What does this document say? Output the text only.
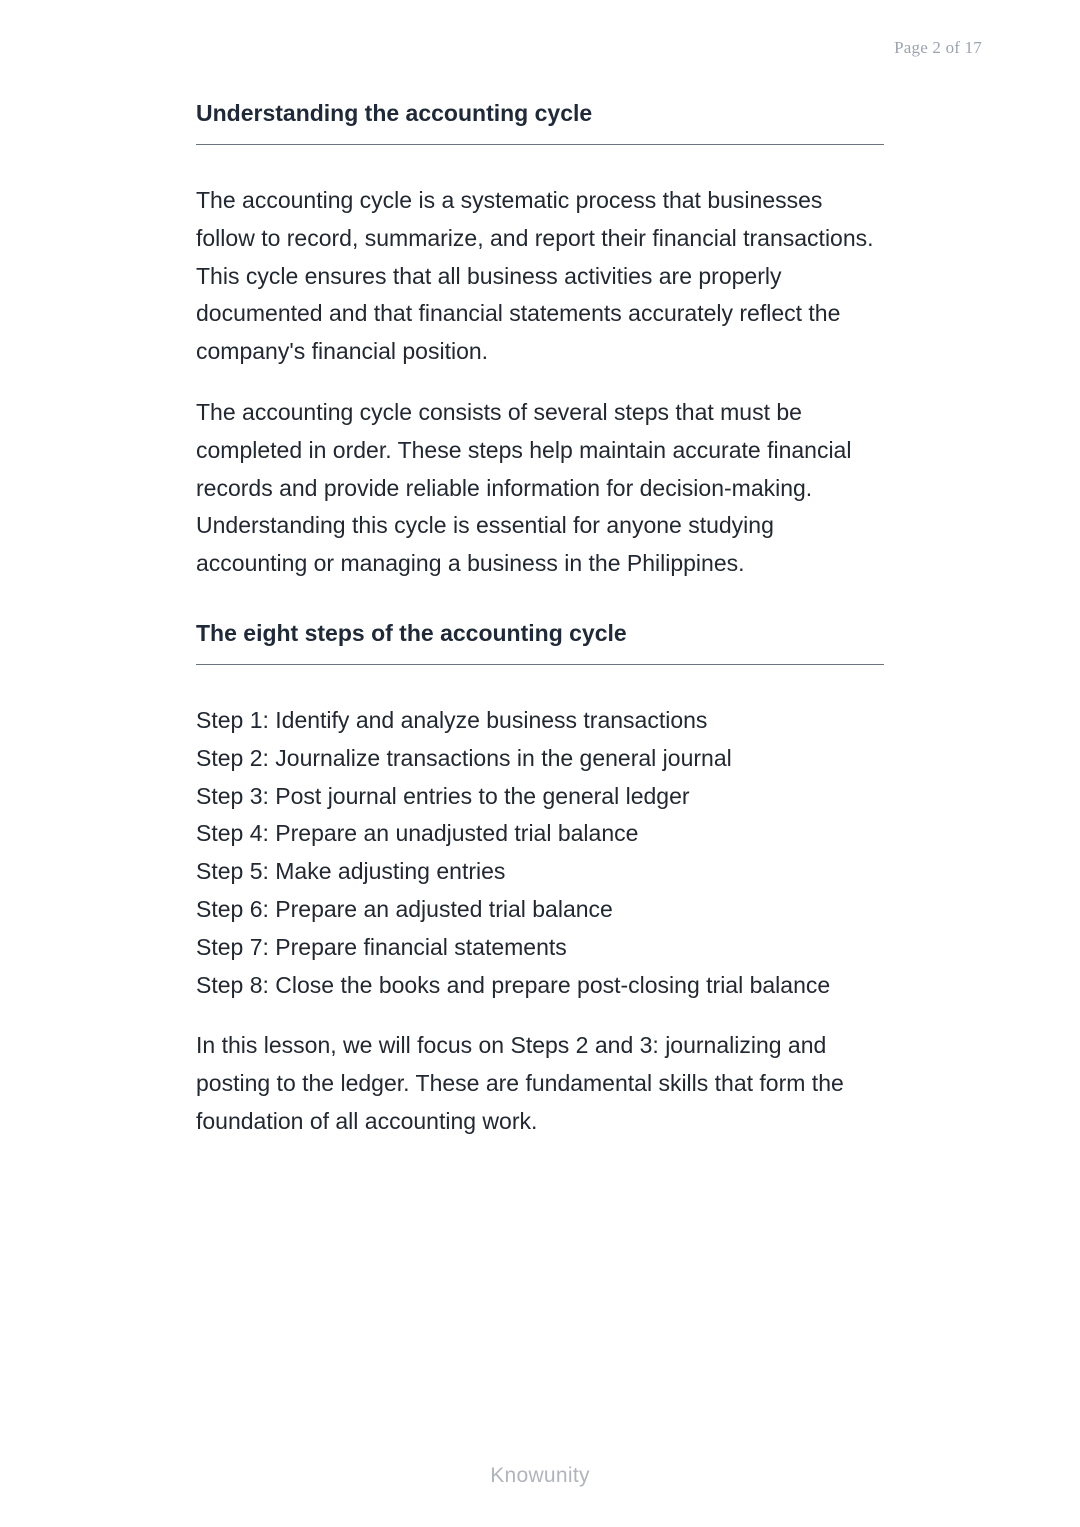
Page 2 of 17
Understanding the accounting cycle

The accounting cycle is a systematic process that businesses follow to record, summarize, and report their financial transactions. This cycle ensures that all business activities are properly documented and that financial statements accurately reflect the company's financial position.

The accounting cycle consists of several steps that must be completed in order. These steps help maintain accurate financial records and provide reliable information for decision-making. Understanding this cycle is essential for anyone studying accounting or managing a business in the Philippines.

The eight steps of the accounting cycle
Step 1: Identify and analyze business transactions
Step 2: Journalize transactions in the general journal
Step 3: Post journal entries to the general ledger
Step 4: Prepare an unadjusted trial balance
Step 5: Make adjusting entries
Step 6: Prepare an adjusted trial balance
Step 7: Prepare financial statements
Step 8: Close the books and prepare post-closing trial balance

In this lesson, we will focus on Steps 2 and 3: journalizing and posting to the ledger. These are fundamental skills that form the foundation of all accounting work.

Knowunity
